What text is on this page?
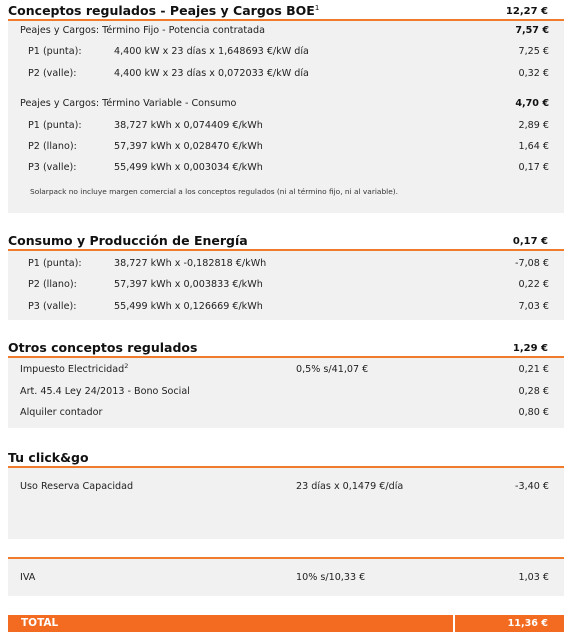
Conceptos regulados - Peajes y Cargos BOE$^1$	12,27 €
Peajes y Cargos: Término Fijo - Potencia contratada	7,57 €
P1 (punta):	4,400 kW x 23 días x 1,648693 €/kW día	7,25 €
P2 (valle):	4,400 kW x 23 días x 0,072033 €/kW día	0,32 €
Peajes y Cargos: Término Variable - Consumo	4,70 €
P1 (punta):	38,727 kWh x 0,074409 €/kWh	2,89 €
P2 (llano):	57,397 kWh x 0,028470 €/kWh	1,64 €
P3 (valle):	55,499 kWh x 0,003034 €/kWh	0,17 €
Solarpack no incluye margen comercial a los conceptos regulados (ni al término fijo, ni al variable).
Consumo y Producción de Energía	0,17 €
P1 (punta):	38,727 kWh x -0,182818 €/kWh	-7,08 €
P2 (llano):	57,397 kWh x 0,003833 €/kWh	0,22 €
P3 (valle):	55,499 kWh x 0,126669 €/kWh	7,03 €
Otros conceptos regulados	1,29 €
Impuesto Electricidad$^2$	0,5% s/41,07 €	0,21 €
Art. 45.4 Ley 24/2013 - Bono Social	0,28 €
Alquiler contador	0,80 €
Tu click&go
Uso Reserva Capacidad	23 días x 0,1479 €/día	-3,40 €
IVA	10% s/10,33 €	1,03 €
TOTAL	11,36 €
